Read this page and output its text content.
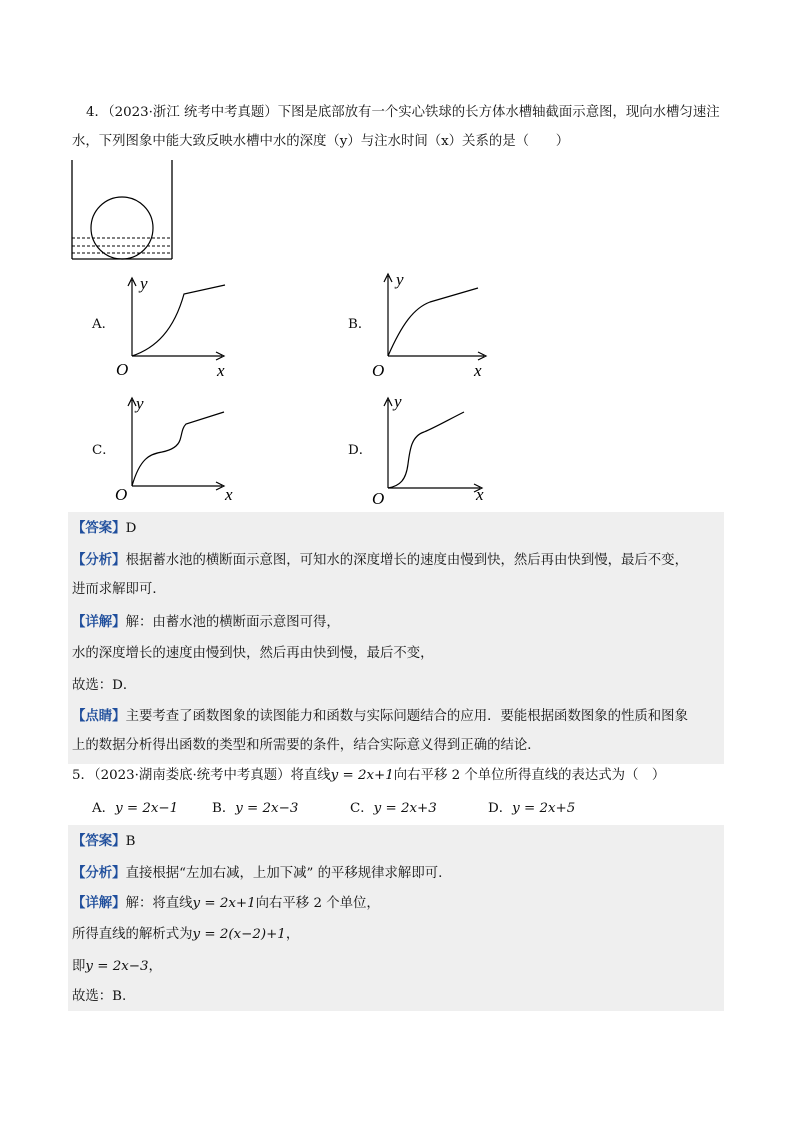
4．（2023·浙江 统考中考真题）下图是底部放有一个实心铁球的长方体水槽轴截面示意图，现向水槽匀速注
水，下列图象中能大致反映水槽中水的深度（y）与注水时间（x）关系的是（　　）
A．
y
x
O
B．
y
x
O
C．
y
x
O
D．
y
x
O
【答案】D
【分析】根据蓄水池的横断面示意图，可知水的深度增长的速度由慢到快，然后再由快到慢，最后不变，
进而求解即可．
【详解】解：由蓄水池的横断面示意图可得，
水的深度增长的速度由慢到快，然后再由快到慢，最后不变，
故选：D．
【点睛】主要考查了函数图象的读图能力和函数与实际问题结合的应用．要能根据函数图象的性质和图象
上的数据分析得出函数的类型和所需要的条件，结合实际意义得到正确的结论．
5．（2023·湖南娄底·统考中考真题）将直线y = 2x+1向右平移 2 个单位所得直线的表达式为（　）
A．y = 2x−1	B．y = 2x−3	C．y = 2x+3	D．y = 2x+5
【答案】B
【分析】直接根据“左加右减，上加下减” 的平移规律求解即可.
【详解】解：将直线y = 2x+1向右平移 2 个单位，
所得直线的解析式为y = 2(x−2)+1，
即y = 2x−3，
故选：B.
